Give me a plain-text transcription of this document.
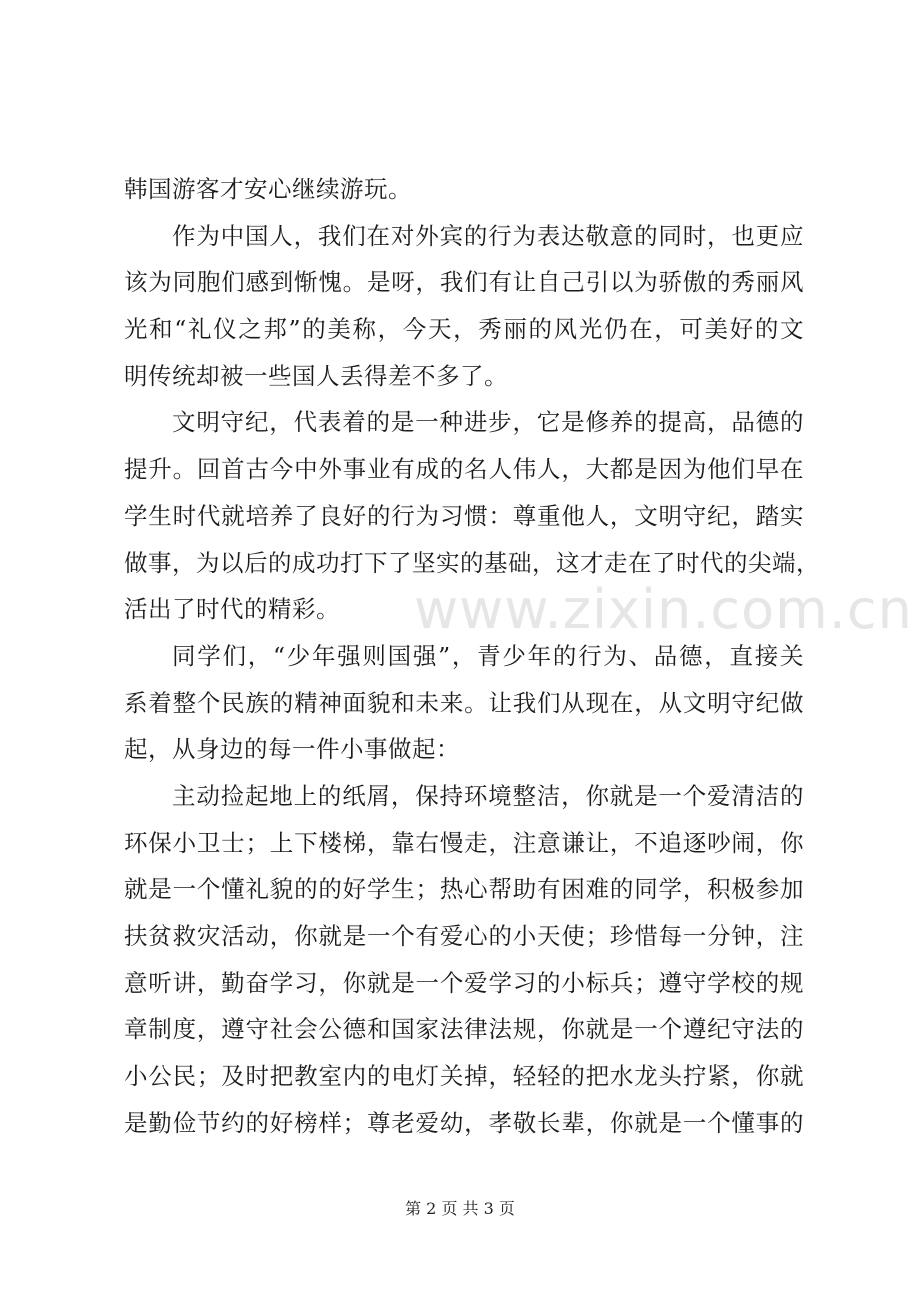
www.zixin.com.cn
韩国游客才安心继续游玩。
作为中国人，我们在对外宾的行为表达敬意的同时，也更应
该为同胞们感到惭愧。是呀，我们有让自己引以为骄傲的秀丽风
光和“礼仪之邦”的美称，今天，秀丽的风光仍在，可美好的文
明传统却被一些国人丢得差不多了。
文明守纪，代表着的是一种进步，它是修养的提高，品德的
提升。回首古今中外事业有成的名人伟人，大都是因为他们早在
学生时代就培养了良好的行为习惯：尊重他人，文明守纪，踏实
做事，为以后的成功打下了坚实的基础，这才走在了时代的尖端，
活出了时代的精彩。
同学们，“少年强则国强”，青少年的行为、品德，直接关
系着整个民族的精神面貌和未来。让我们从现在，从文明守纪做
起，从身边的每一件小事做起：
主动捡起地上的纸屑，保持环境整洁，你就是一个爱清洁的
环保小卫士；上下楼梯，靠右慢走，注意谦让，不追逐吵闹，你
就是一个懂礼貌的的好学生；热心帮助有困难的同学，积极参加
扶贫救灾活动，你就是一个有爱心的小天使；珍惜每一分钟，注
意听讲，勤奋学习，你就是一个爱学习的小标兵；遵守学校的规
章制度，遵守社会公德和国家法律法规，你就是一个遵纪守法的
小公民；及时把教室内的电灯关掉，轻轻的把水龙头拧紧，你就
是勤俭节约的好榜样；尊老爱幼，孝敬长辈，你就是一个懂事的
第 2 页 共 3 页
